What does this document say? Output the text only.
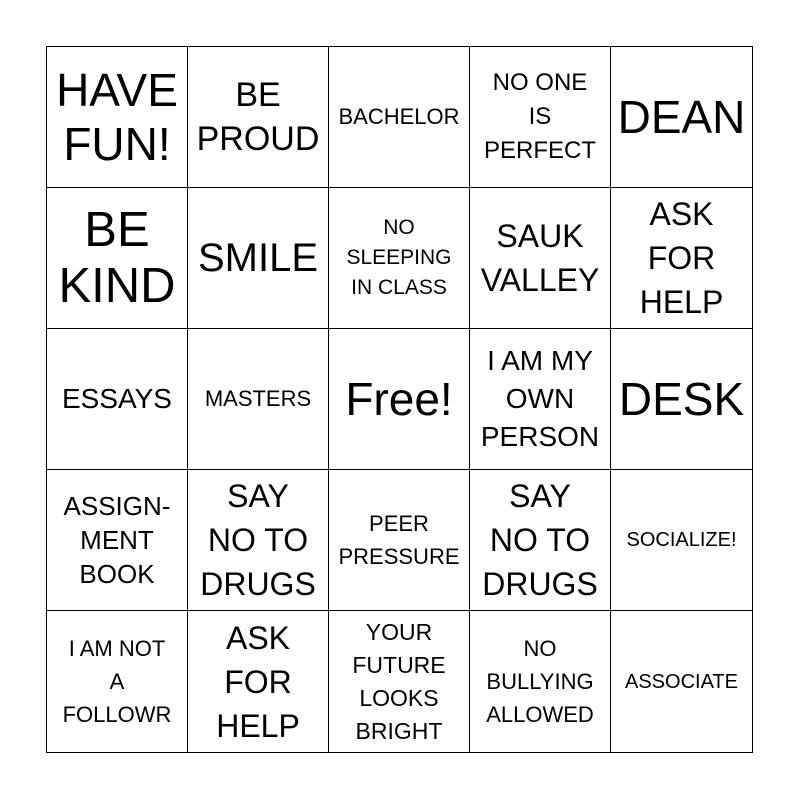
HAVE
FUN!
BE
PROUD
BACHELOR
NO ONE
IS
PERFECT
DEAN
BE
KIND
SMILE
NO
SLEEPING
IN CLASS
SAUK
VALLEY
ASK
FOR
HELP
ESSAYS MASTERS Free!
I AM MY
OWN
PERSON
DESK
ASSIGN-
MENT
BOOK
SAY
NO TO
DRUGS
PEER
PRESSURE
SAY
NO TO
DRUGS
SOCIALIZE!
I AM NOT
A
FOLLOWR
ASK
FOR
HELP
YOUR
FUTURE
LOOKS
BRIGHT
NO
BULLYING
ALLOWED
ASSOCIATE
